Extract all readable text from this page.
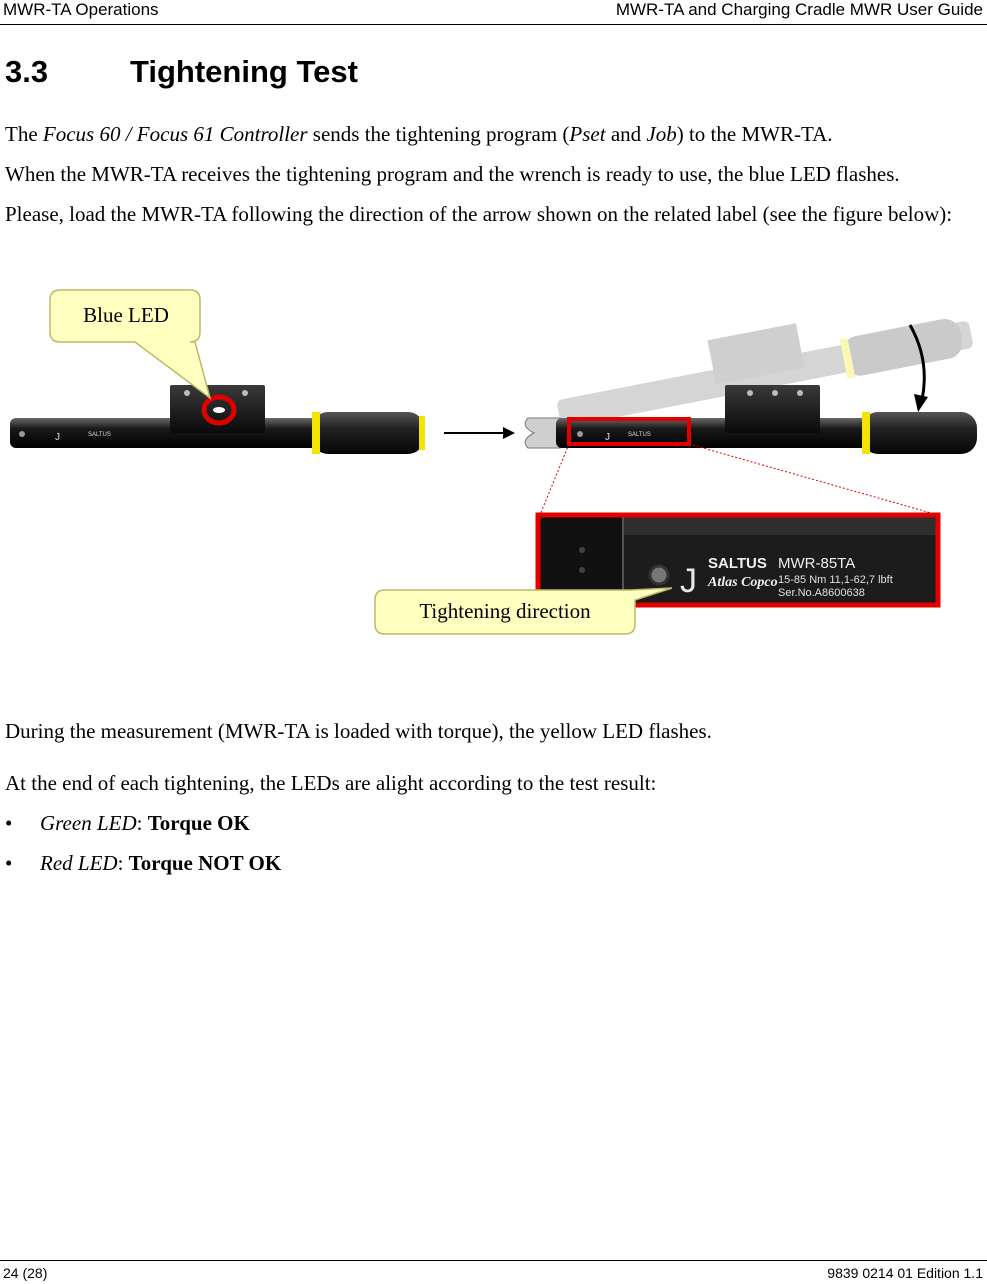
MWR-TA Operations	MWR-TA and Charging Cradle MWR User Guide
3.3	Tightening Test

The Focus 60 / Focus 61 Controller sends the tightening program (Pset and Job) to the MWR-TA.

When the MWR-TA receives the tightening program and the wrench is ready to use, the blue LED flashes.

Please, load the MWR-TA following the direction of the arrow shown on the related label (see the figure below):

J	SALTUS
Blue LED
J	SALTUS
J SALTUS MWR-85TA
Atlas Copco 15-85 Nm 11,1-62,7 lbft
Ser.No.A8600638
Tightening direction

During the measurement (MWR-TA is loaded with torque), the yellow LED flashes.

At the end of each tightening, the LEDs are alight according to the test result:

• Green LED: Torque OK
• Red LED: Torque NOT OK
24 (28)	9839 0214 01 Edition 1.1
